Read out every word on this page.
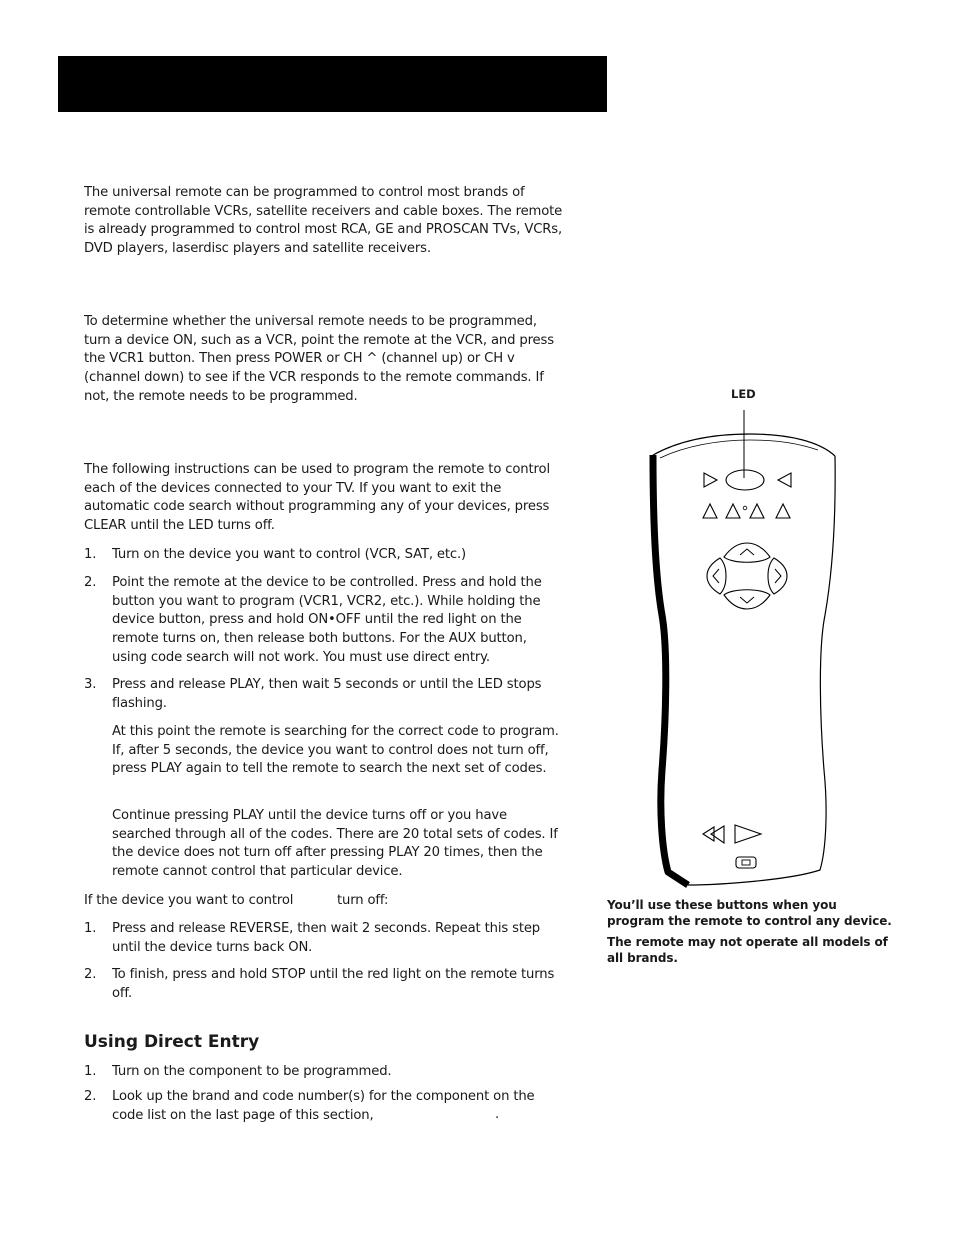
The universal remote can be programmed to control most brands of remote controllable VCRs, satellite receivers and cable boxes. The remote is already programmed to control most RCA, GE and PROSCAN TVs, VCRs, DVD players, laserdisc players and satellite receivers.

To determine whether the universal remote needs to be programmed, turn a device ON, such as a VCR, point the remote at the VCR, and press the VCR1 button. Then press POWER or CH ^ (channel up) or CH v (channel down) to see if the VCR responds to the remote commands. If not, the remote needs to be programmed.

The following instructions can be used to program the remote to control each of the devices connected to your TV. If you want to exit the automatic code search without programming any of your devices, press CLEAR until the LED turns off.

1. Turn on the device you want to control (VCR, SAT, etc.)
2. Point the remote at the device to be controlled. Press and hold the button you want to program (VCR1, VCR2, etc.). While holding the device button, press and hold ON•OFF until the red light on the remote turns on, then release both buttons. For the AUX button, using code search will not work. You must use direct entry.
3. Press and release PLAY, then wait 5 seconds or until the LED stops flashing.

At this point the remote is searching for the correct code to program. If, after 5 seconds, the device you want to control does not turn off, press PLAY again to tell the remote to search the next set of codes.

Continue pressing PLAY until the device turns off or you have searched through all of the codes. There are 20 total sets of codes. If the device does not turn off after pressing PLAY 20 times, then the remote cannot control that particular device.

If the device you want to control	turn off:
1. Press and release REVERSE, then wait 2 seconds. Repeat this step until the device turns back ON.
2. To finish, press and hold STOP until the red light on the remote turns off.
Using Direct Entry
1. Turn on the component to be programmed.
2. Look up the brand and code number(s) for the component on the code list on the last page of this section,	.
LED

You’ll use these buttons when you program the remote to control any device.

The remote may not operate all models of all brands.
